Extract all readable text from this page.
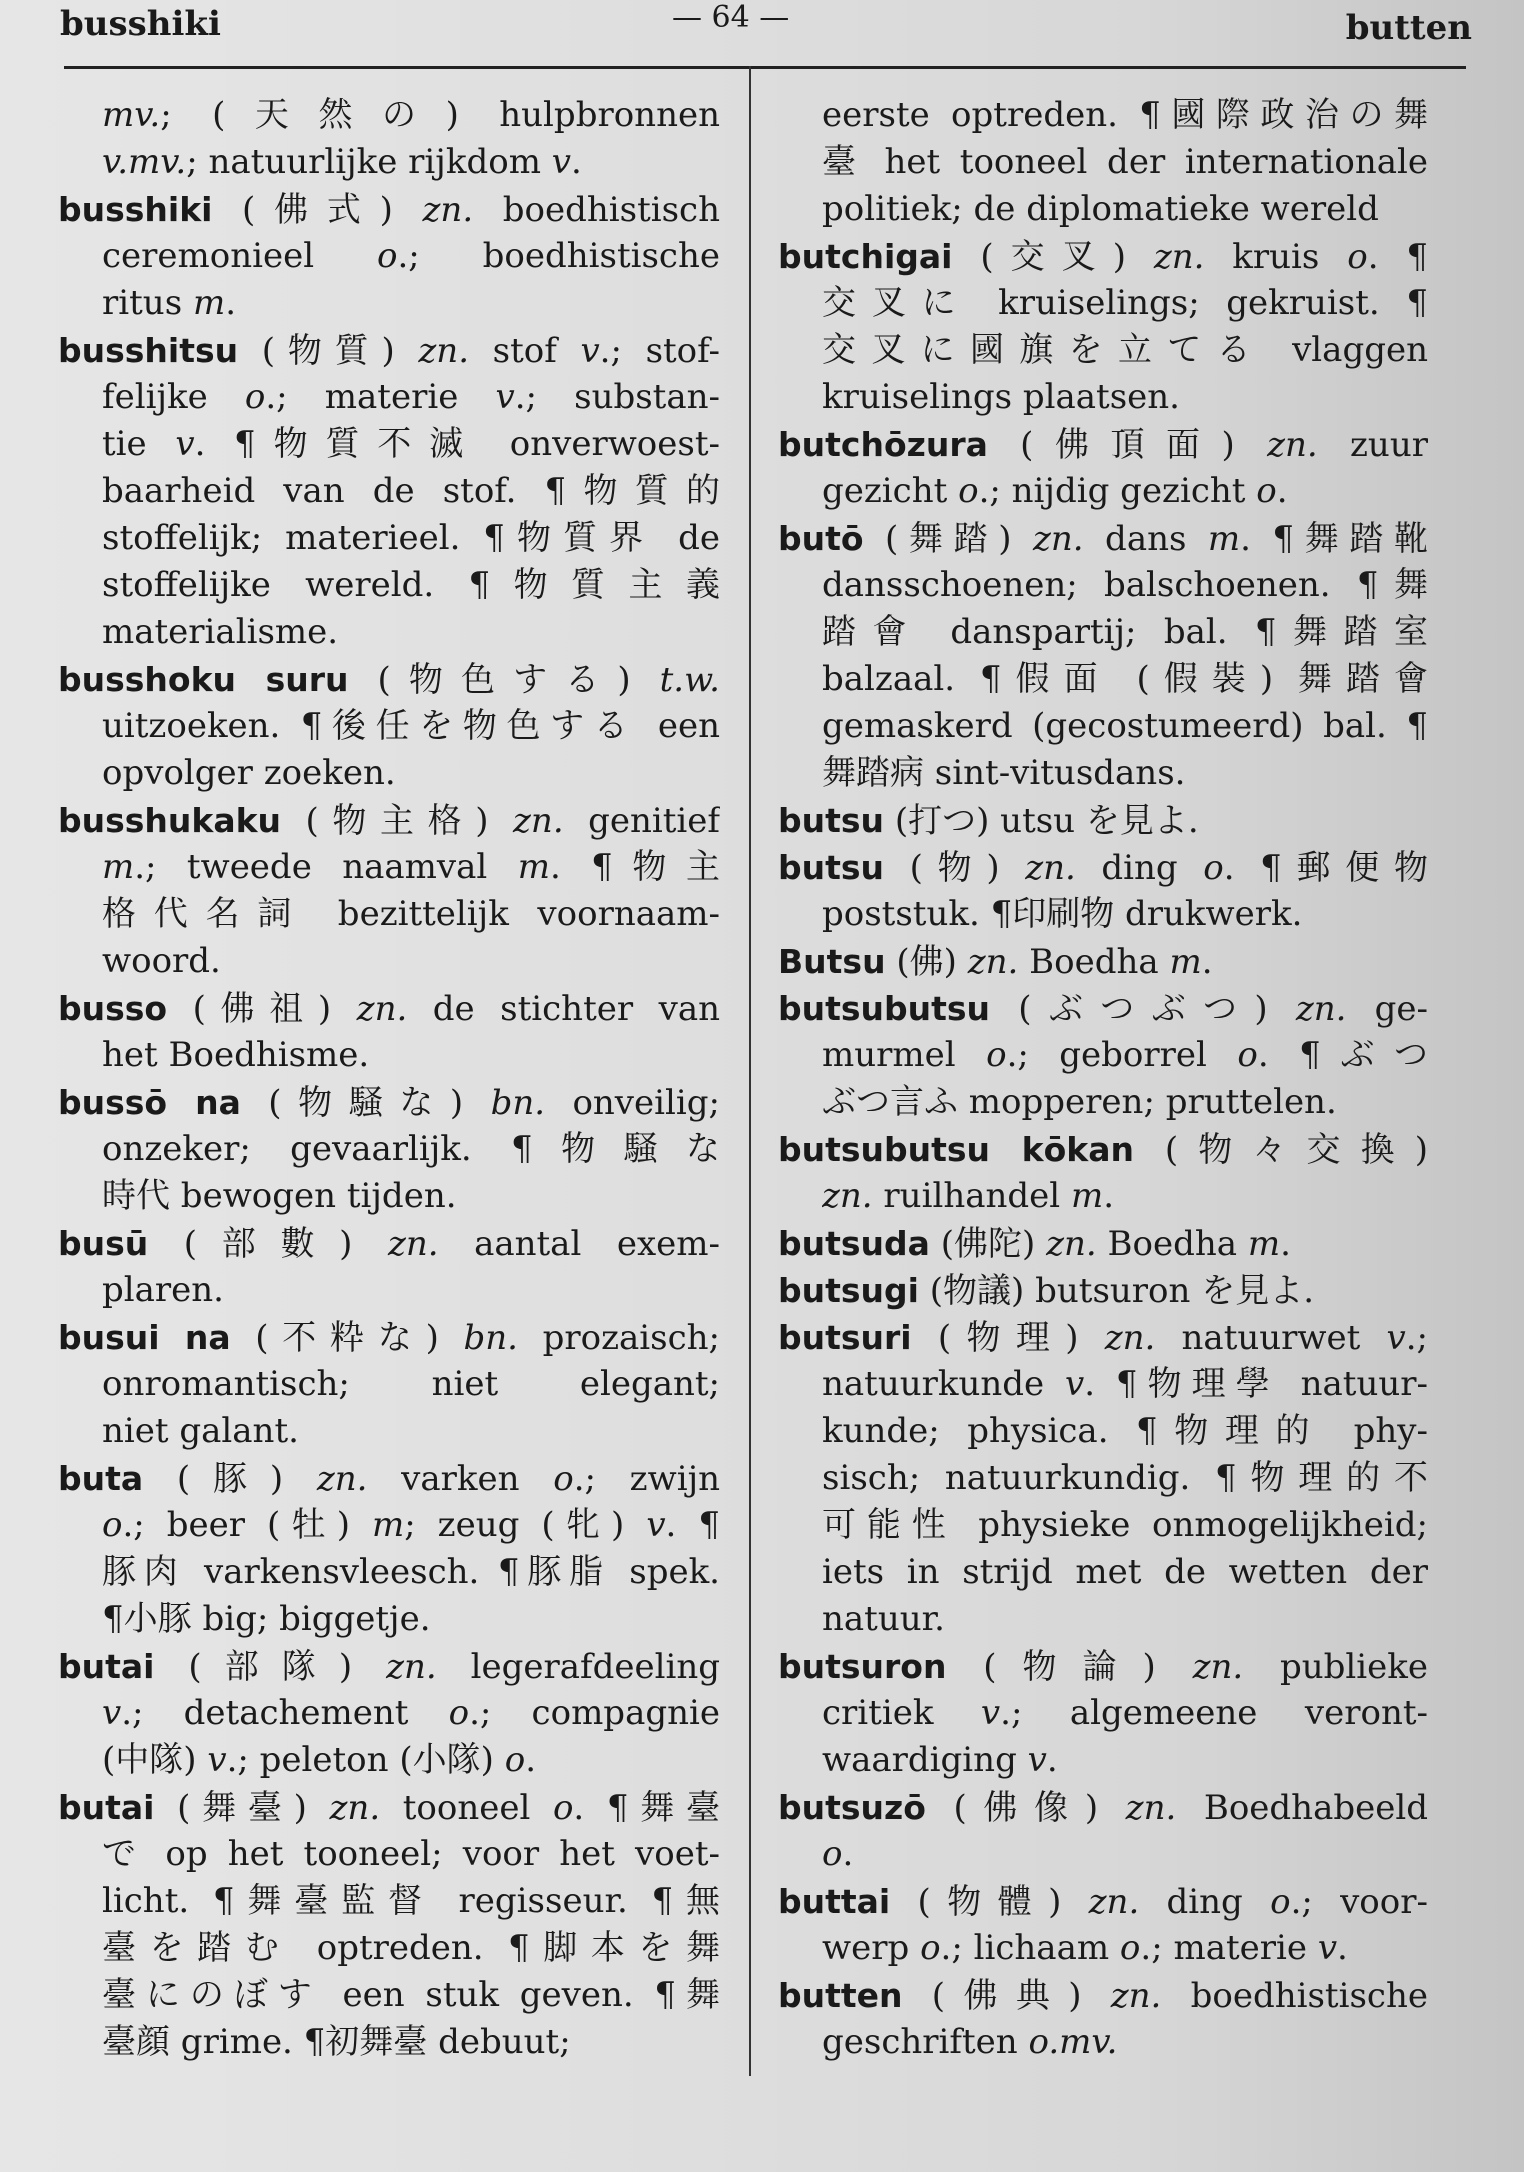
busshiki	— 64 —	butten
mv.; (天然の) hulpbronnen
v.mv.; natuurlijke rijkdom v.
busshiki (佛式) zn. boedhistisch
ceremonieel o.; boedhistische
ritus m.
busshitsu (物質) zn. stof v.; stof-
felijke o.; materie v.; substan-
tie v. ¶物質不滅 onverwoest-
baarheid van de stof. ¶物質的
stoffelijk; materieel. ¶物質界 de
stoffelijke wereld. ¶物質主義
materialisme.
busshoku suru (物色する) t.w.
uitzoeken. ¶後任を物色する een
opvolger zoeken.
busshukaku (物主格) zn. genitief
m.; tweede naamval m. ¶物主
格代名詞 bezittelijk voornaam-
woord.
busso (佛祖) zn. de stichter van
het Boedhisme.
bussō na (物騒な) bn. onveilig;
onzeker; gevaarlijk. ¶物騒な
時代 bewogen tijden.
busū (部數) zn. aantal exem-
plaren.
busui na (不粋な) bn. prozaisch;
onromantisch; niet elegant;
niet galant.
buta (豚) zn. varken o.; zwijn
o.; beer (牡) m; zeug (牝) v. ¶
豚肉 varkensvleesch. ¶豚脂 spek.
¶小豚 big; biggetje.
butai (部隊) zn. legerafdeeling
v.; detachement o.; compagnie
(中隊) v.; peleton (小隊) o.
butai (舞臺) zn. tooneel o. ¶舞臺
で op het tooneel; voor het voet-
licht. ¶舞臺監督 regisseur. ¶無
臺を踏む optreden. ¶脚本を舞
臺にのぼす een stuk geven. ¶舞
臺顔 grime. ¶初舞臺 debuut;
eerste optreden. ¶國際政治の舞
臺 het tooneel der internationale
politiek; de diplomatieke wereld
butchigai (交叉) zn. kruis o. ¶
交叉に kruiselings; gekruist. ¶
交叉に國旗を立てる vlaggen
kruiselings plaatsen.
butchōzura (佛頂面) zn. zuur
gezicht o.; nijdig gezicht o.
butō (舞踏) zn. dans m. ¶舞踏靴
dansschoenen; balschoenen. ¶舞
踏會 danspartij; bal. ¶舞踏室
balzaal. ¶假面 (假裝) 舞踏會
gemaskerd (gecostumeerd) bal. ¶
舞踏病 sint-vitusdans.
butsu (打つ) utsu を見よ.
butsu (物) zn. ding o. ¶郵便物
poststuk. ¶印刷物 drukwerk.
Butsu (佛) zn. Boedha m.
butsubutsu (ぶつぶつ) zn. ge-
murmel o.; geborrel o. ¶ぶつ
ぶつ言ふ mopperen; pruttelen.
butsubutsu kōkan (物々交換)
zn. ruilhandel m.
butsuda (佛陀) zn. Boedha m.
butsugi (物議) butsuron を見よ.
butsuri (物理) zn. natuurwet v.;
natuurkunde v. ¶物理學 natuur-
kunde; physica. ¶物理的 phy-
sisch; natuurkundig. ¶物理的不
可能性 physieke onmogelijkheid;
iets in strijd met de wetten der
natuur.
butsuron (物論) zn. publieke
critiek v.; algemeene veront-
waardiging v.
butsuzō (佛像) zn. Boedhabeeld
o.
buttai (物體) zn. ding o.; voor-
werp o.; lichaam o.; materie v.
butten (佛典) zn. boedhistische
geschriften o.mv.
